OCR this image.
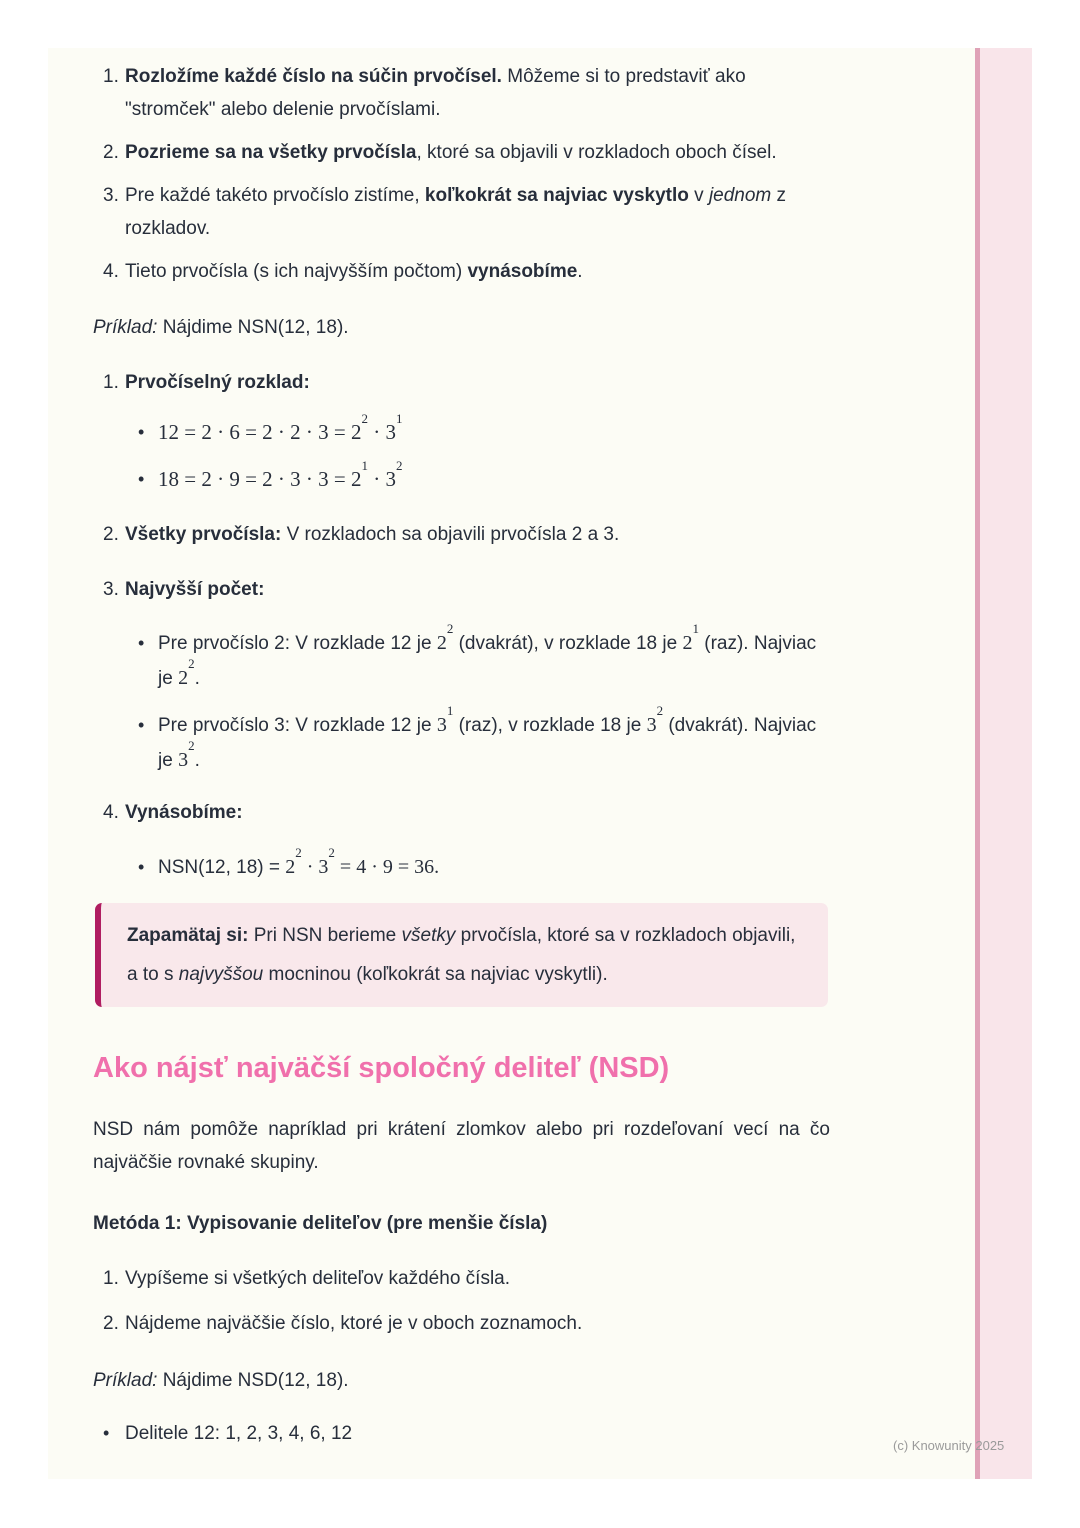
1. Rozložíme každé číslo na súčin prvočísel. Môžeme si to predstaviť ako "stromček" alebo delenie prvočíslami.
2. Pozrieme sa na všetky prvočísla, ktoré sa objavili v rozkladoch oboch čísel.
3. Pre každé takéto prvočíslo zistíme, koľkokrát sa najviac vyskytlo v jednom z rozkladov.
4. Tieto prvočísla (s ich najvyšším počtom) vynásobíme.

Príklad: Nájdime NSN(12, 18).

1. Prvočíselný rozklad:
• $12 = 2 \cdot 6 = 2 \cdot 2 \cdot 3 = 2^2 \cdot 3^1$
• $18 = 2 \cdot 9 = 2 \cdot 3 \cdot 3 = 2^1 \cdot 3^2$
2. Všetky prvočísla: V rozkladoch sa objavili prvočísla 2 a 3.
3. Najvyšší počet:
• Pre prvočíslo 2: V rozklade 12 je $2^2$ (dvakrát), v rozklade 18 je $2^1$ (raz). Najviac je $2^2$.
• Pre prvočíslo 3: V rozklade 12 je $3^1$ (raz), v rozklade 18 je $3^2$ (dvakrát). Najviac je $3^2$.
4. Vynásobíme:
• NSN(12, $18) = 2^2 \cdot 3^2 = 4 \cdot 9 = 36$.
Zapamätaj si: Pri NSN berieme všetky prvočísla, ktoré sa v rozkladoch objavili, a to s najvyššou mocninou (koľkokrát sa najviac vyskytli).
Ako nájsť najväčší spoločný deliteľ (NSD)

NSD nám pomôže napríklad pri krátení zlomkov alebo pri rozdeľovaní vecí na čo najväčšie rovnaké skupiny.

Metóda 1: Vypisovanie deliteľov (pre menšie čísla)

1. Vypíšeme si všetkých deliteľov každého čísla.
2. Nájdeme najväčšie číslo, ktoré je v oboch zoznamoch.

Príklad: Nájdime NSD(12, 18).

• Delitele 12: 1, 2, 3, 4, 6, 12
(c) Knowunity 2025
